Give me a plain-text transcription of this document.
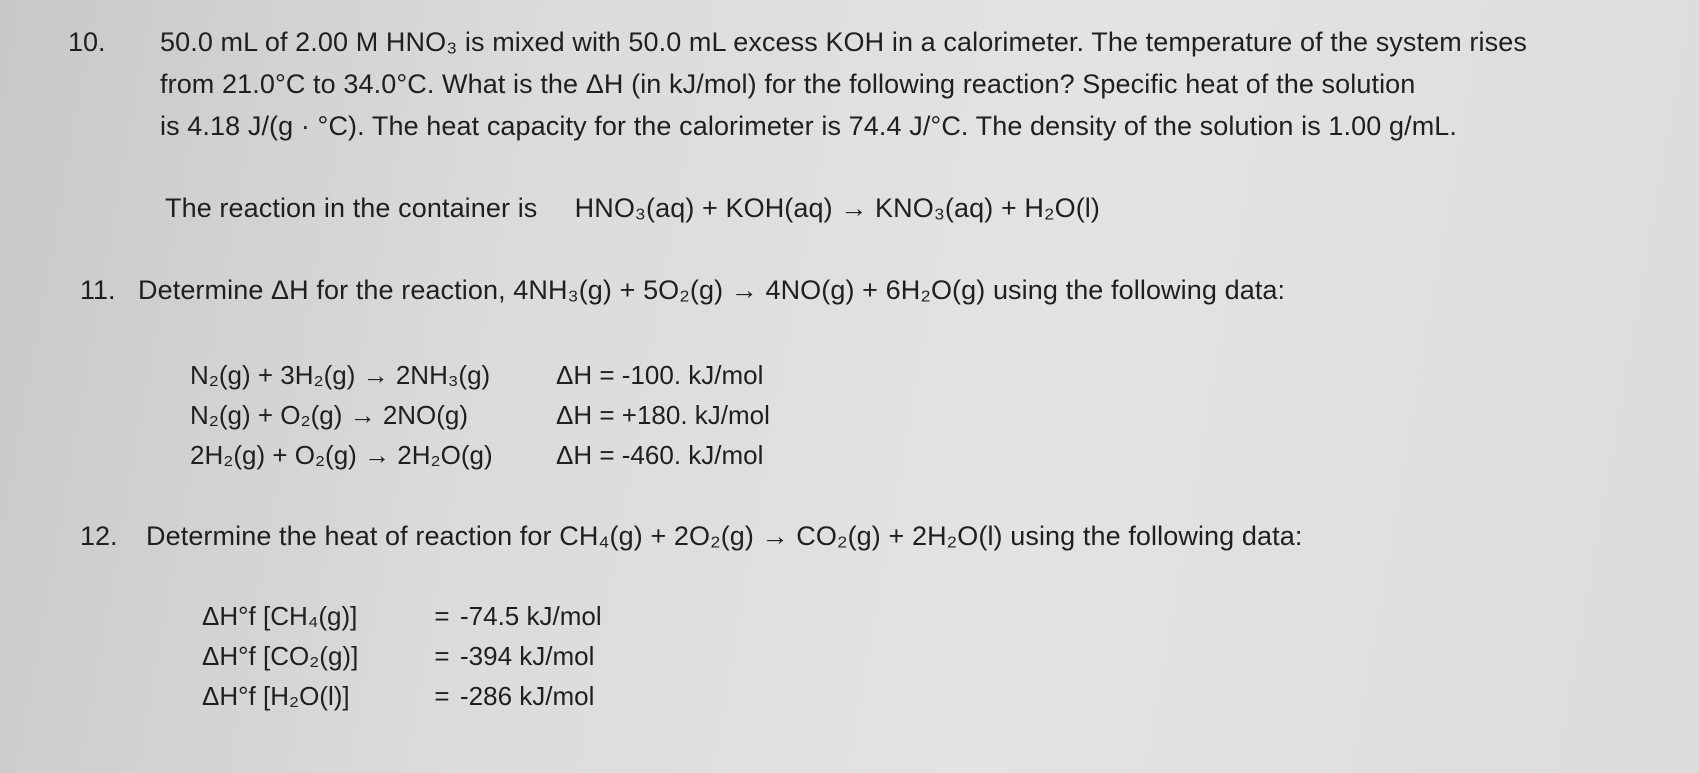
10. 50.0 mL of 2.00 M HNO₃ is mixed with 50.0 mL excess KOH in a calorimeter. The temperature of the system rises
from 21.0°C to 34.0°C. What is the ΔH (in kJ/mol) for the following reaction? Specific heat of the solution
is 4.18 J/(g · °C). The heat capacity for the calorimeter is 74.4 J/°C. The density of the solution is 1.00 g/mL.
The reaction in the container is HNO₃(aq) + KOH(aq) → KNO₃(aq) + H₂O(l)
11. Determine ΔH for the reaction, 4NH₃(g) + 5O₂(g) → 4NO(g) + 6H₂O(g) using the following data:
N₂(g) + 3H₂(g) → 2NH₃(g)	ΔH = -100. kJ/mol
N₂(g) + O₂(g) → 2NO(g)	ΔH = +180. kJ/mol
2H₂(g) + O₂(g) → 2H₂O(g)	ΔH = -460. kJ/mol
12. Determine the heat of reaction for CH₄(g) + 2O₂(g) → CO₂(g) + 2H₂O(l) using the following data:
ΔH°f [CH₄(g)]	= -74.5 kJ/mol
ΔH°f [CO₂(g)]	= -394 kJ/mol
ΔH°f [H₂O(l)]	= -286 kJ/mol
